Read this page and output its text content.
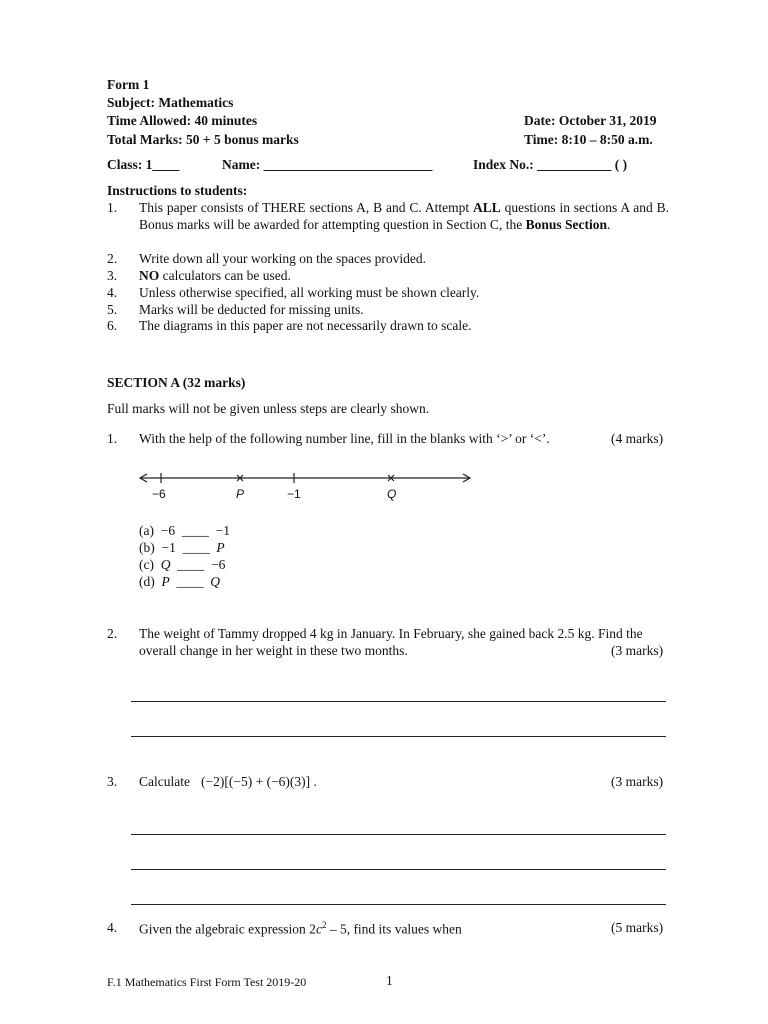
Form 1
Subject: Mathematics
Time Allowed: 40 minutes	Date: October 31, 2019
Total Marks: 50 + 5 bonus marks	Time: 8:10 – 8:50 a.m.
Class: 1____	Name: _________________________	Index No.: ___________ ( )
Instructions to students:
1. This paper consists of THERE sections A, B and C. Attempt ALL questions in sections A and B. Bonus marks will be awarded for attempting question in Section C, the Bonus Section.
2. Write down all your working on the spaces provided.
3. NO calculators can be used.
4. Unless otherwise specified, all working must be shown clearly.
5. Marks will be deducted for missing units.
6. The diagrams in this paper are not necessarily drawn to scale.
SECTION A (32 marks)
Full marks will not be given unless steps are clearly shown.
1. With the help of the following number line, fill in the blanks with ‘>’ or ‘<’.	(4 marks)
−6	P	−1	Q
(a) −6 ____ −1
(b) −1 ____ P
(c) Q ____ −6
(d) P ____ Q
2. The weight of Tammy dropped 4 kg in January. In February, she gained back 2.5 kg. Find the
overall change in her weight in these two months.	(3 marks)
3. Calculate (−2)[(−5) + (−6)(3)] .	(3 marks)
4. Given the algebraic expression $2c^2 - 5$, find its values when	(5 marks)
F.1 Mathematics First Form Test 2019-20	1
